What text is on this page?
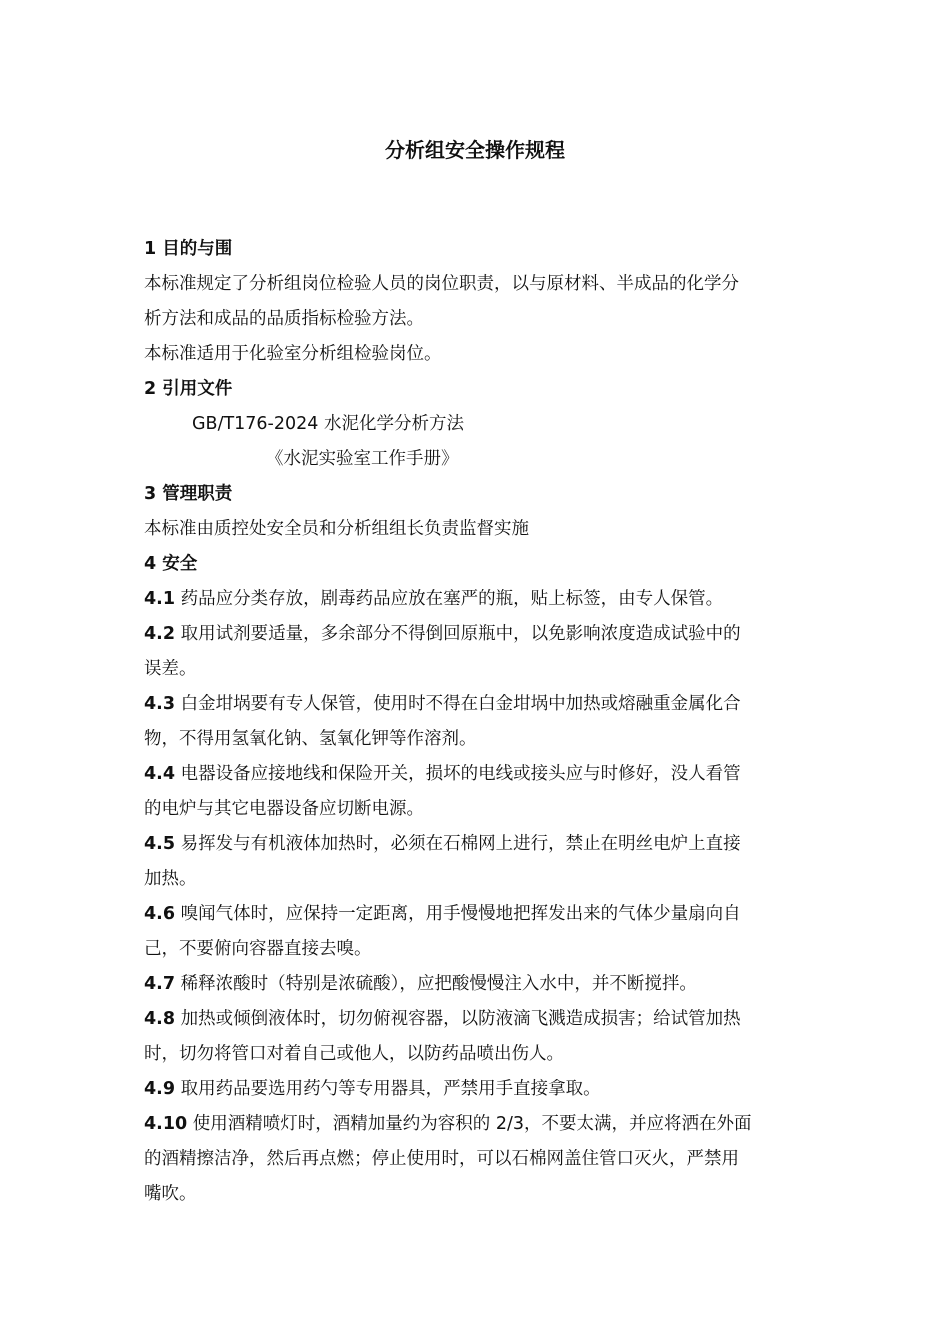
分析组安全操作规程
1 目的与围
本标准规定了分析组岗位检验人员的岗位职责，以与原材料、半成品的化学分
析方法和成品的品质指标检验方法。
本标准适用于化验室分析组检验岗位。
2 引用文件
GB/T176-2024 水泥化学分析方法
《水泥实验室工作手册》
3 管理职责
本标准由质控处安全员和分析组组长负责监督实施
4 安全
4.1 药品应分类存放，剧毒药品应放在塞严的瓶，贴上标签，由专人保管。
4.2 取用试剂要适量，多余部分不得倒回原瓶中，以免影响浓度造成试验中的
误差。
4.3 白金坩埚要有专人保管，使用时不得在白金坩埚中加热或熔融重金属化合
物，不得用氢氧化钠、氢氧化钾等作溶剂。
4.4 电器设备应接地线和保险开关，损坏的电线或接头应与时修好，没人看管
的电炉与其它电器设备应切断电源。
4.5 易挥发与有机液体加热时，必须在石棉网上进行，禁止在明丝电炉上直接
加热。
4.6 嗅闻气体时，应保持一定距离，用手慢慢地把挥发出来的气体少量扇向自
己，不要俯向容器直接去嗅。
4.7 稀释浓酸时（特别是浓硫酸），应把酸慢慢注入水中，并不断搅拌。
4.8 加热或倾倒液体时，切勿俯视容器，以防液滴飞溅造成损害；给试管加热
时，切勿将管口对着自己或他人，以防药品喷出伤人。
4.9 取用药品要选用药勺等专用器具，严禁用手直接拿取。
4.10 使用酒精喷灯时，酒精加量约为容积的 2/3，不要太满，并应将洒在外面
的酒精擦洁净，然后再点燃；停止使用时，可以石棉网盖住管口灭火，严禁用
嘴吹。
